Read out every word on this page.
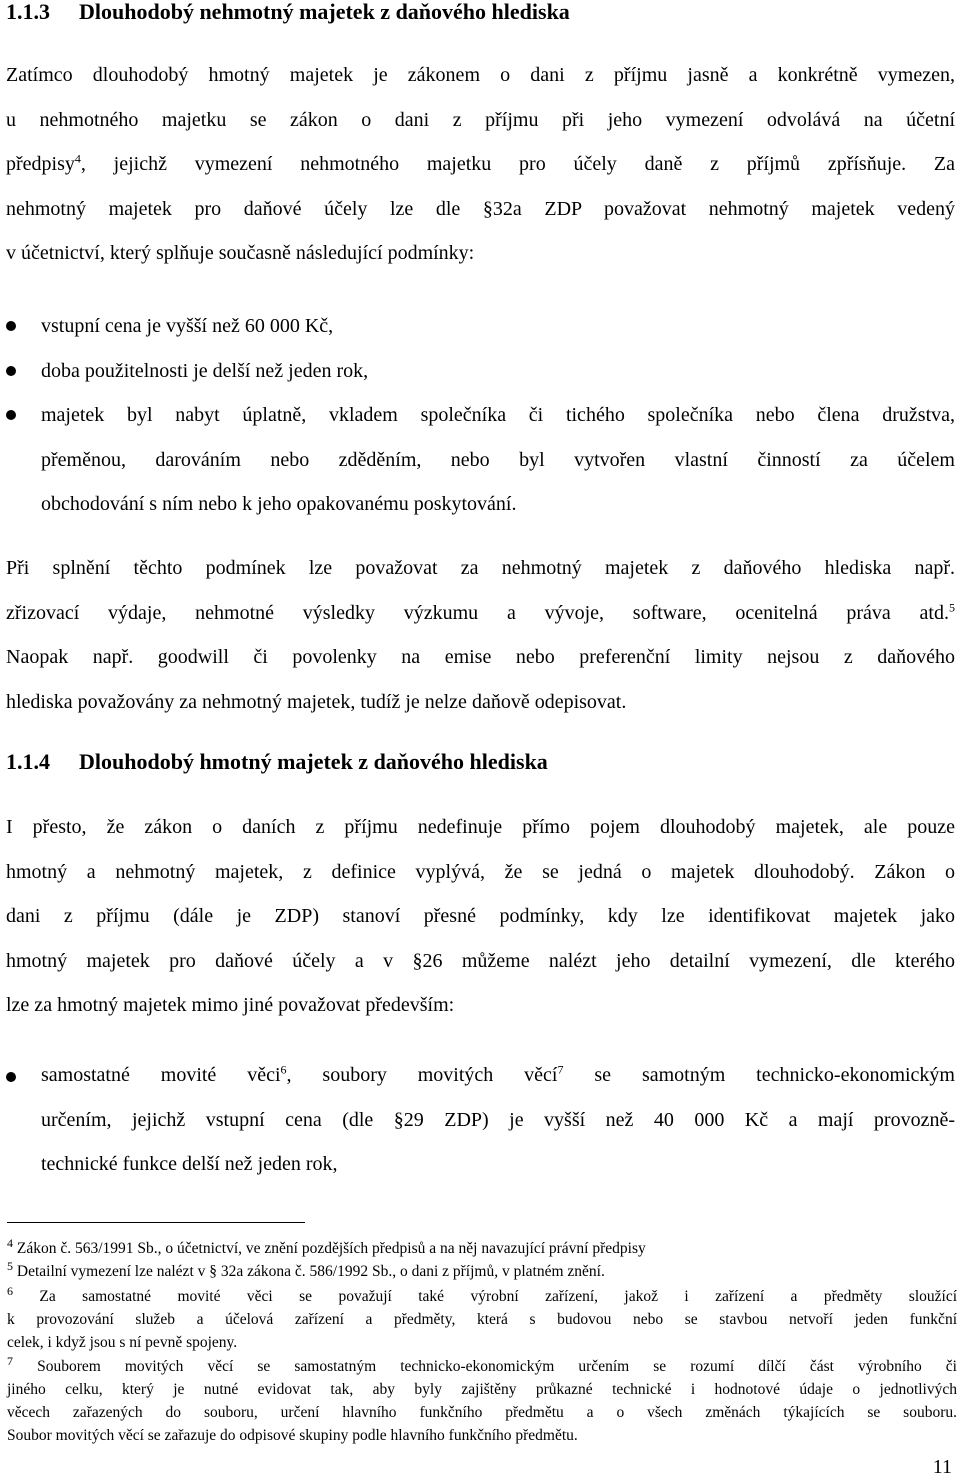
1.1.3 Dlouhodobý nehmotný majetek z daňového hlediska
Zatímco dlouhodobý hmotný majetek je zákonem o dani z příjmu jasně a konkrétně vymezen,
u nehmotného majetku se zákon o dani z příjmu při jeho vymezení odvolává na účetní
předpisy$^4$, jejichž vymezení nehmotného majetku pro účely daně z příjmů zpřísňuje. Za
nehmotný majetek pro daňové účely lze dle §32a ZDP považovat nehmotný majetek vedený
v účetnictví, který splňuje současně následující podmínky:
vstupní cena je vyšší než 60 000 Kč,
doba použitelnosti je delší než jeden rok,
majetek byl nabyt úplatně, vkladem společníka či tichého společníka nebo člena družstva,
přeměnou, darováním nebo zděděním, nebo byl vytvořen vlastní činností za účelem
obchodování s ním nebo k jeho opakovanému poskytování.
Při splnění těchto podmínek lze považovat za nehmotný majetek z daňového hlediska např.
zřizovací výdaje, nehmotné výsledky výzkumu a vývoje, software, ocenitelná práva atd.$^5$
Naopak např. goodwill či povolenky na emise nebo preferenční limity nejsou z daňového
hlediska považovány za nehmotný majetek, tudíž je nelze daňově odepisovat.
1.1.4 Dlouhodobý hmotný majetek z daňového hlediska
I přesto, že zákon o daních z příjmu nedefinuje přímo pojem dlouhodobý majetek, ale pouze
hmotný a nehmotný majetek, z definice vyplývá, že se jedná o majetek dlouhodobý. Zákon o
dani z příjmu (dále je ZDP) stanoví přesné podmínky, kdy lze identifikovat majetek jako
hmotný majetek pro daňové účely a v §26 můžeme nalézt jeho detailní vymezení, dle kterého
lze za hmotný majetek mimo jiné považovat především:
samostatné movité věci$^6$, soubory movitých věcí$^7$ se samotným technicko-ekonomickým
určením, jejichž vstupní cena (dle §29 ZDP) je vyšší než 40 000 Kč a mají provozně-
technické funkce delší než jeden rok,
$^4$ Zákon č. 563/1991 Sb., o účetnictví, ve znění pozdějších předpisů a na něj navazující právní předpisy
$^5$ Detailní vymezení lze nalézt v § 32a zákona č. 586/1992 Sb., o dani z příjmů, v platném znění.
$^6$ Za samostatné movité věci se považují také výrobní zařízení, jakož i zařízení a předměty sloužící
k provozování služeb a účelová zařízení a předměty, která s budovou nebo se stavbou netvoří jeden funkční
celek, i když jsou s ní pevně spojeny.
$^7$ Souborem movitých věcí se samostatným technicko-ekonomickým určením se rozumí dílčí část výrobního či
jiného celku, který je nutné evidovat tak, aby byly zajištěny průkazné technické i hodnotové údaje o jednotlivých
věcech zařazených do souboru, určení hlavního funkčního předmětu a o všech změnách týkajících se souboru.
Soubor movitých věcí se zařazuje do odpisové skupiny podle hlavního funkčního předmětu.
11
